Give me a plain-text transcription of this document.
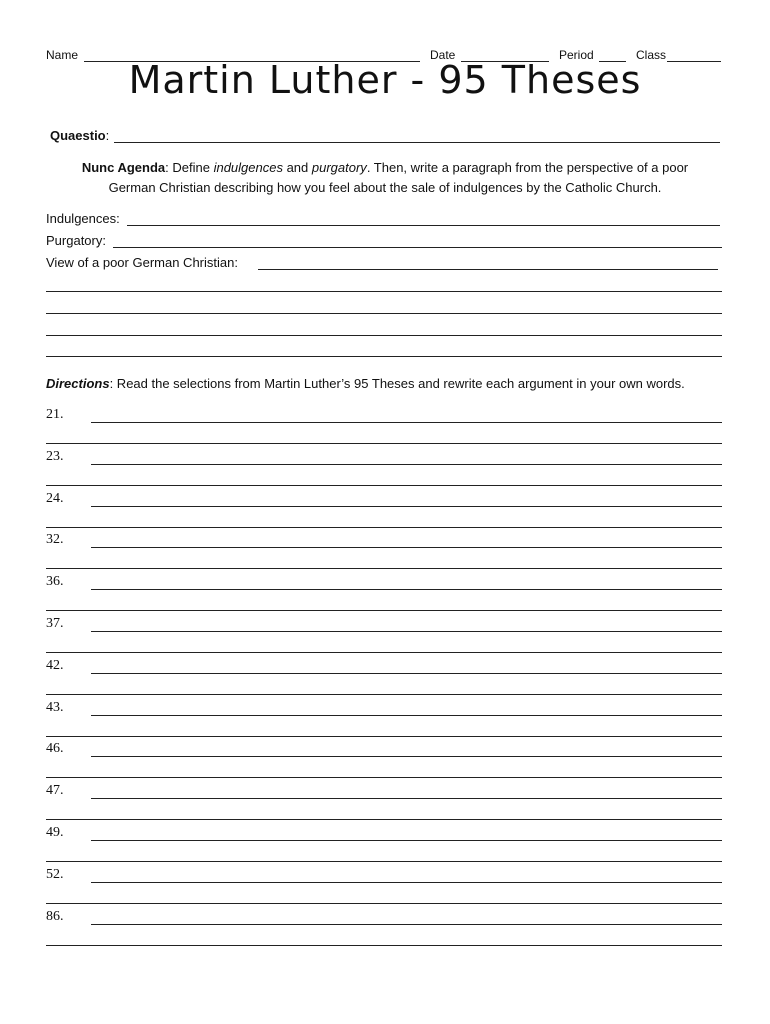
Name	Date	Period	Class
Martin Luther - 95 Theses
Quaestio:
Nunc Agenda: Define indulgences and purgatory. Then, write a paragraph from the perspective of a poor
German Christian describing how you feel about the sale of indulgences by the Catholic Church.
Indulgences:
Purgatory:
View of a poor German Christian:
Directions: Read the selections from Martin Luther’s 95 Theses and rewrite each argument in your own words.
21.
23.
24.
32.
36.
37.
42.
43.
46.
47.
49.
52.
86.
